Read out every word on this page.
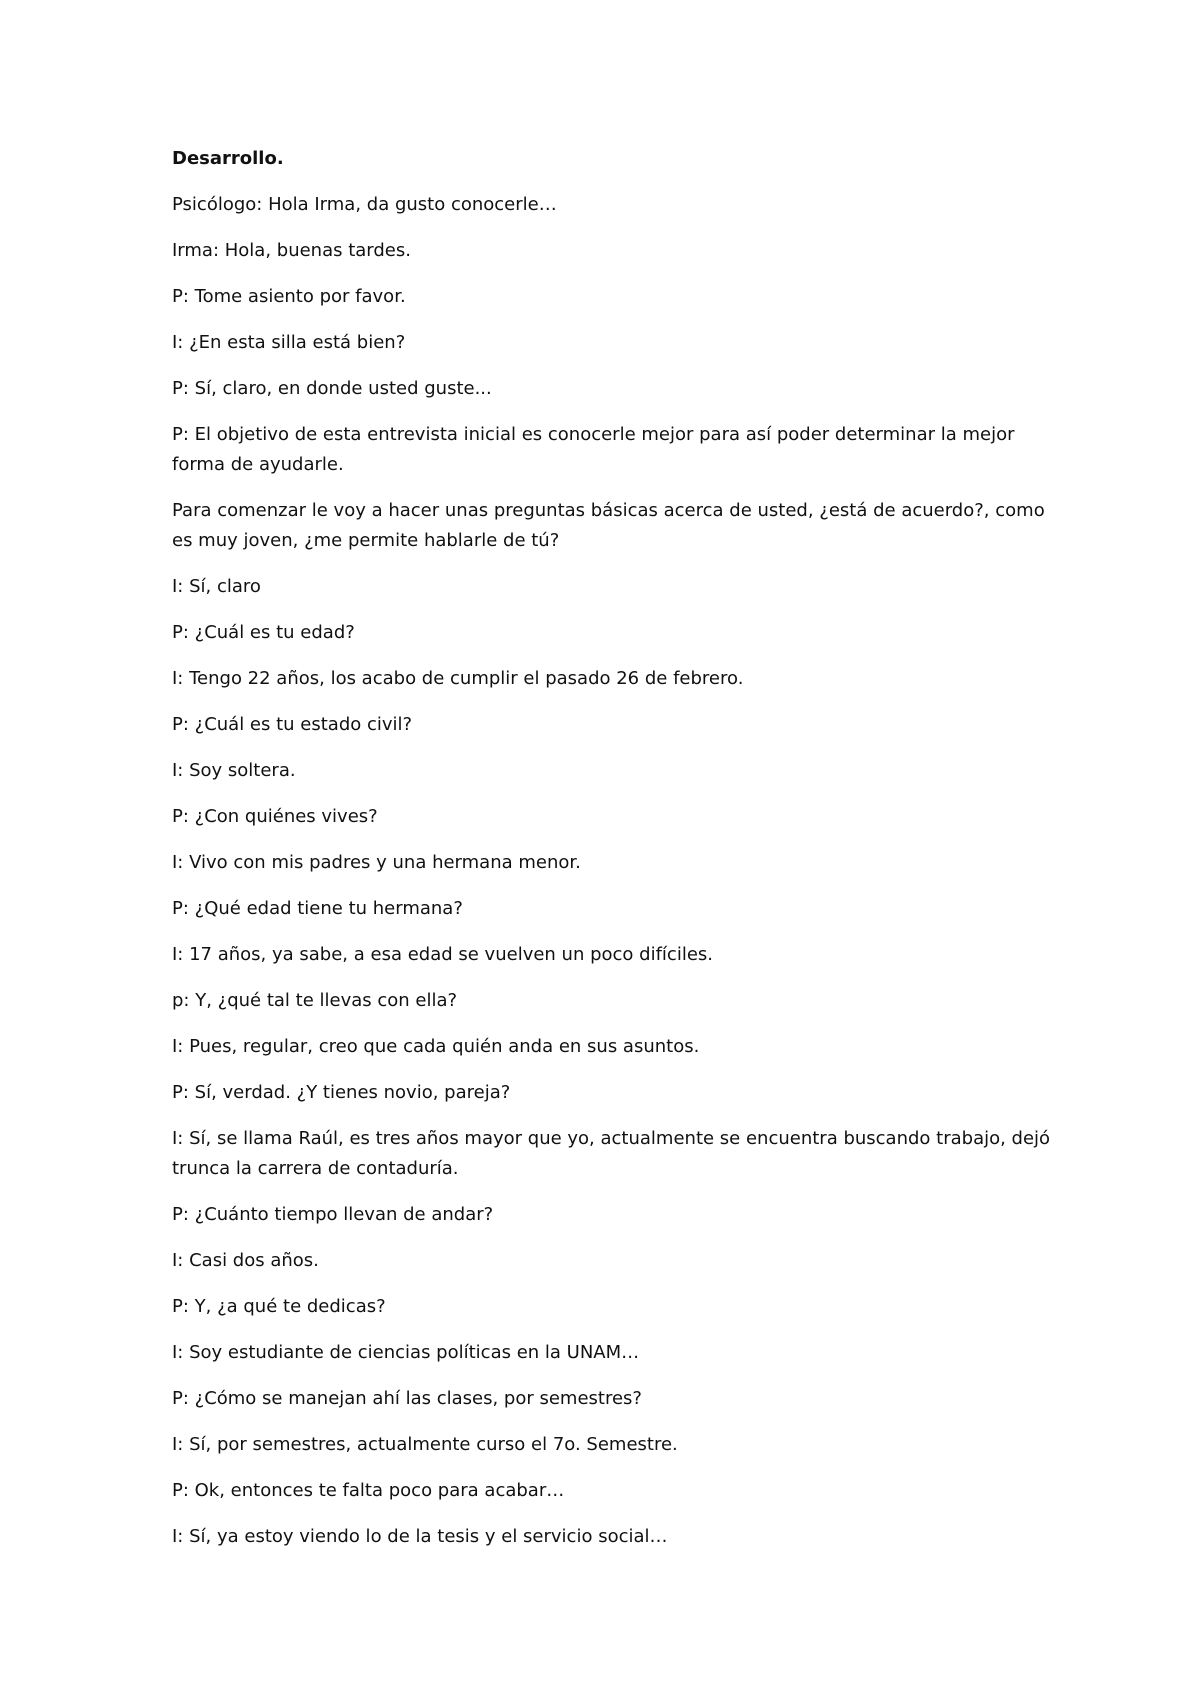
Desarrollo.

Psicólogo: Hola Irma, da gusto conocerle…

Irma: Hola, buenas tardes.

P: Tome asiento por favor.

I: ¿En esta silla está bien?

P: Sí, claro, en donde usted guste...

P: El objetivo de esta entrevista inicial es conocerle mejor para así poder determinar la mejor forma de ayudarle.

Para comenzar le voy a hacer unas preguntas básicas acerca de usted, ¿está de acuerdo?, como es muy joven, ¿me permite hablarle de tú?

I: Sí, claro

P: ¿Cuál es tu edad?

I: Tengo 22 años, los acabo de cumplir el pasado 26 de febrero.

P: ¿Cuál es tu estado civil?

I: Soy soltera.

P: ¿Con quiénes vives?

I: Vivo con mis padres y una hermana menor.

P: ¿Qué edad tiene tu hermana?

I: 17 años, ya sabe, a esa edad se vuelven un poco difíciles.

p: Y, ¿qué tal te llevas con ella?

I: Pues, regular, creo que cada quién anda en sus asuntos.

P: Sí, verdad. ¿Y tienes novio, pareja?

I: Sí, se llama Raúl, es tres años mayor que yo, actualmente se encuentra buscando trabajo, dejó trunca la carrera de contaduría.

P: ¿Cuánto tiempo llevan de andar?

I: Casi dos años.

P: Y, ¿a qué te dedicas?

I: Soy estudiante de ciencias políticas en la UNAM…

P: ¿Cómo se manejan ahí las clases, por semestres?

I: Sí, por semestres, actualmente curso el 7o. Semestre.

P: Ok, entonces te falta poco para acabar…

I: Sí, ya estoy viendo lo de la tesis y el servicio social…
